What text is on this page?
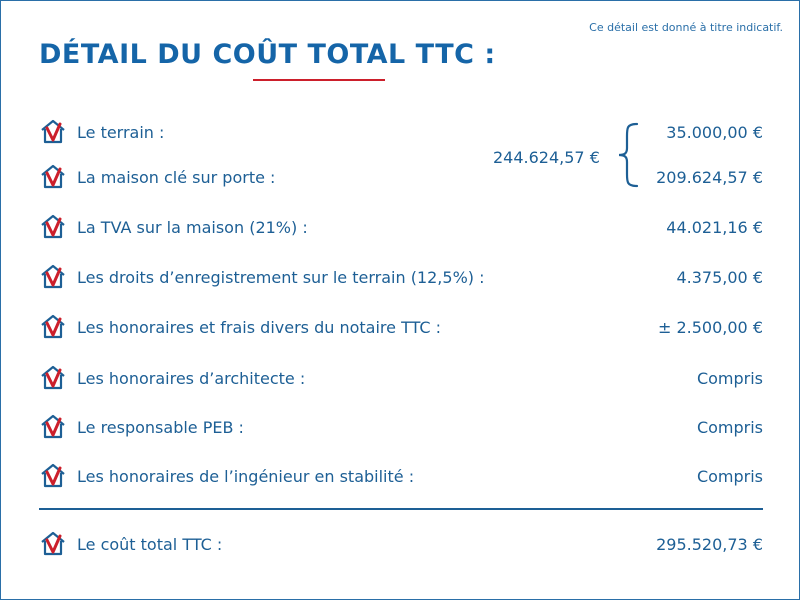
Ce détail est donné à titre indicatif.
DÉTAIL DU COÛT TOTAL TTC :
Le terrain :	35.000,00 €
La maison clé sur porte :	209.624,57 €
244.624,57 €
La TVA sur la maison (21%) :	44.021,16 €
Les droits d’enregistrement sur le terrain (12,5%) :	4.375,00 €
Les honoraires et frais divers du notaire TTC :	± 2.500,00 €
Les honoraires d’architecte :	Compris
Le responsable PEB :	Compris
Les honoraires de l’ingénieur en stabilité :	Compris
Le coût total TTC :	295.520,73 €
